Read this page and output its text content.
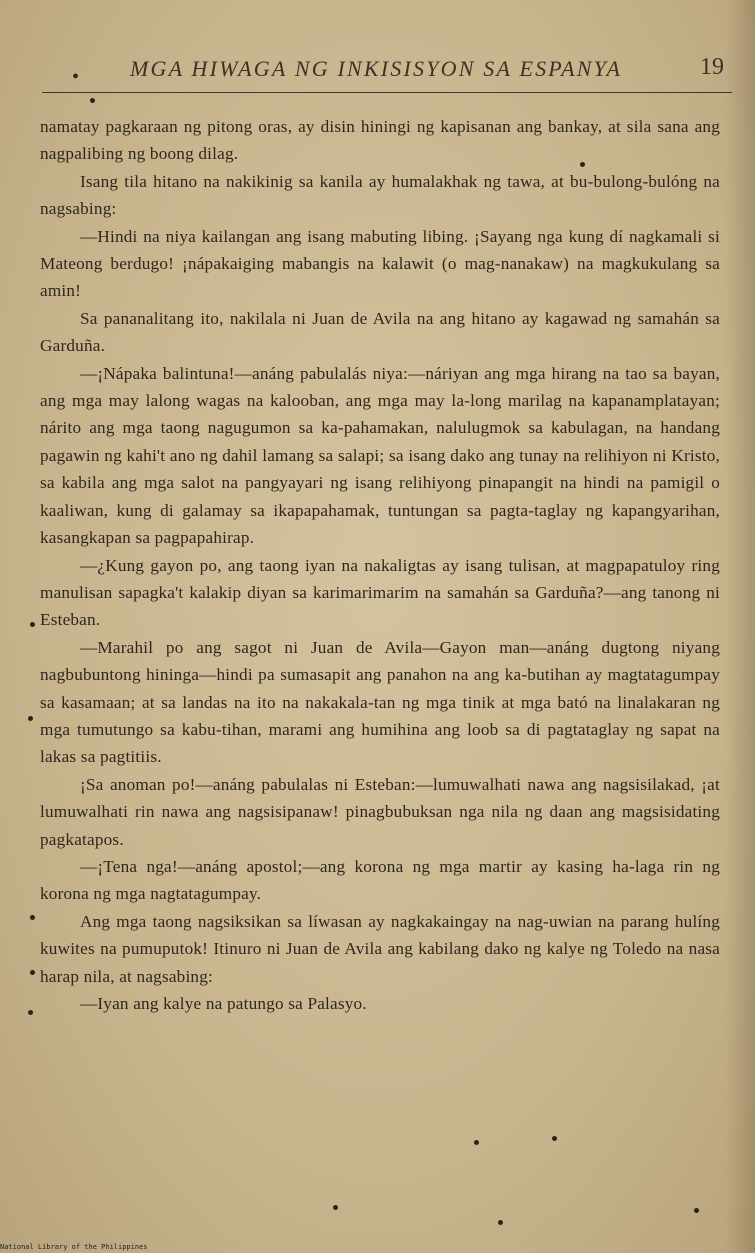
• MGA HIWAGA NG INKISISYON SA ESPANYA	19

namatay pagkaraan ng pitong oras, ay disin hiningi ng kapisanan ang bankay, at sila sana ang nagpalibing ng boong dilag.

Isang tila hitano na nakikinig sa kanila ay humalakhak ng tawa, at bu-bulong-bulóng na nagsabing:

—Hindi na niya kailangan ang isang mabuting libing. ¡Sayang nga kung dí nagkamali si Mateong berdugo! ¡nápakaiging mabangis na kalawit (o mag-nanakaw) na magkukulang sa amin!

Sa pananalitang ito, nakilala ni Juan de Avila na ang hitano ay kagawad ng samahán sa Garduña.

—¡Nápaka balintuna!—anáng pabulalás niya:—náriyan ang mga hirang na tao sa bayan, ang mga may lalong wagas na kalooban, ang mga may la-long marilag na kapanamplatayan; nárito ang mga taong nagugumon sa ka-pahamakan, nalulugmok sa kabulagan, na handang pagawin ng kahi't ano ng dahil lamang sa salapi; sa isang dako ang tunay na relihiyon ni Kristo, sa kabila ang mga salot na pangyayari ng isang relihiyong pinapangit na hindi na pamigil o kaaliwan, kung di galamay sa ikapapahamak, tuntungan sa pagta-taglay ng kapangyarihan, kasangkapan sa pagpapahirap.

—¿Kung gayon po, ang taong iyan na nakaligtas ay isang tulisan, at magpapatuloy ring manulisan sapagka't kalakip diyan sa karimarimarim na samahán sa Garduña?—ang tanong ni Esteban.

—Marahil po ang sagot ni Juan de Avila—Gayon man—anáng dugtong niyang nagbubuntong hininga—hindi pa sumasapit ang panahon na ang ka-butihan ay magtatagumpay sa kasamaan; at sa landas na ito na nakakala-tan ng mga tinik at mga bató na linalakaran ng mga tumutungo sa kabu-tihan, marami ang humihina ang loob sa di pagtataglay ng sapat na lakas sa pagtitiis.

¡Sa anoman po!—anáng pabulalas ni Esteban:—lumuwalhati nawa ang nagsisilakad, ¡at lumuwalhati rin nawa ang nagsisipanaw! pinagbubuksan nga nila ng daan ang magsisidating pagkatapos.

—¡Tena nga!—anáng apostol;—ang korona ng mga martir ay kasing ha-laga rin ng korona ng mga nagtatagumpay.

Ang mga taong nagsiksikan sa líwasan ay nagkakaingay na nag-uwian na parang hulíng kuwites na pumuputok! Itinuro ni Juan de Avila ang kabilang dako ng kalye ng Toledo na nasa harap nila, at nagsabing:

—Iyan ang kalye na patungo sa Palasyo.

National Library of the Philippines
